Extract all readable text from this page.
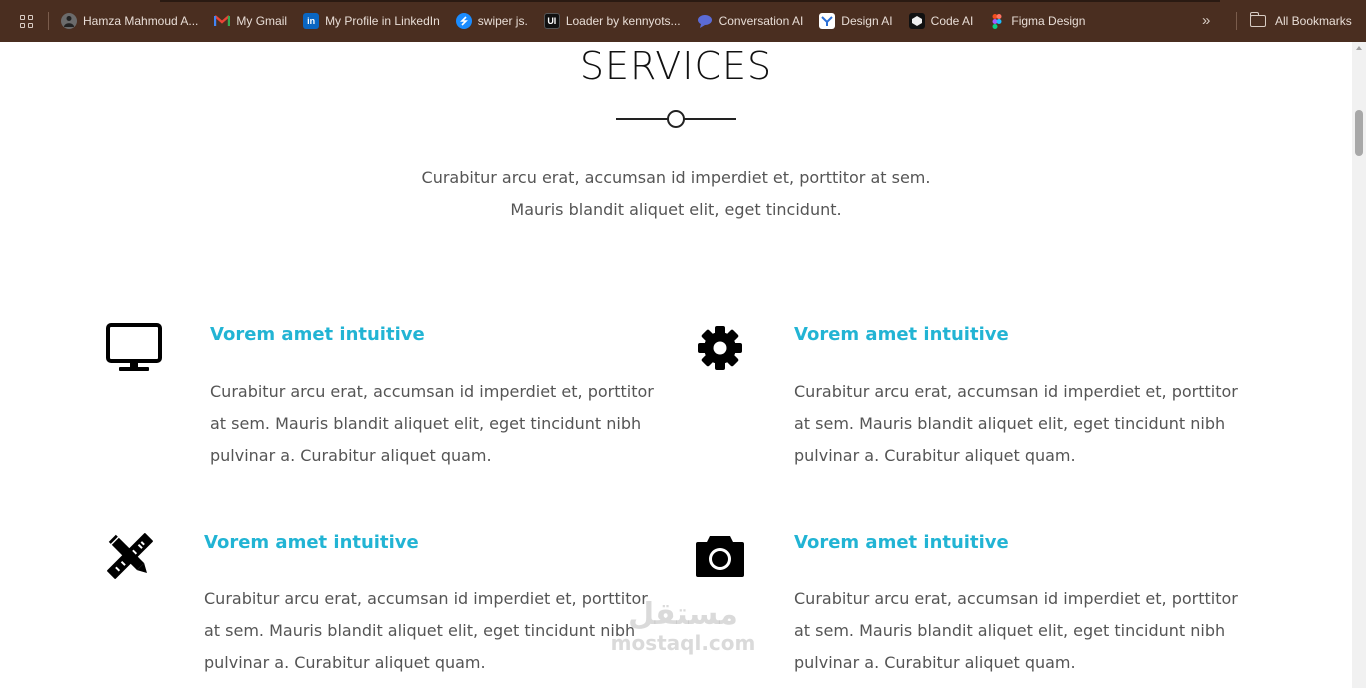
Hamza Mahmoud A...	My Gmail	in My Profile in LinkedIn	swiper js.	UI Loader by kennyots...	Conversation AI	Design AI	Code AI	Figma Design	»	All Bookmarks
SERVICES

Curabitur arcu erat, accumsan id imperdiet et, porttitor at sem. Mauris blandit aliquet elit, eget tincidunt.

Vorem amet intuitive

Curabitur arcu erat, accumsan id imperdiet et, porttitor at sem. Mauris blandit aliquet elit, eget tincidunt nibh pulvinar a. Curabitur aliquet quam.

Vorem amet intuitive

Curabitur arcu erat, accumsan id imperdiet et, porttitor at sem. Mauris blandit aliquet elit, eget tincidunt nibh pulvinar a. Curabitur aliquet quam.

Vorem amet intuitive

Curabitur arcu erat, accumsan id imperdiet et, porttitor at sem. Mauris blandit aliquet elit, eget tincidunt nibh pulvinar a. Curabitur aliquet quam.

Vorem amet intuitive

Curabitur arcu erat, accumsan id imperdiet et, porttitor at sem. Mauris blandit aliquet elit, eget tincidunt nibh pulvinar a. Curabitur aliquet quam.

مستقل
mostaql.com
